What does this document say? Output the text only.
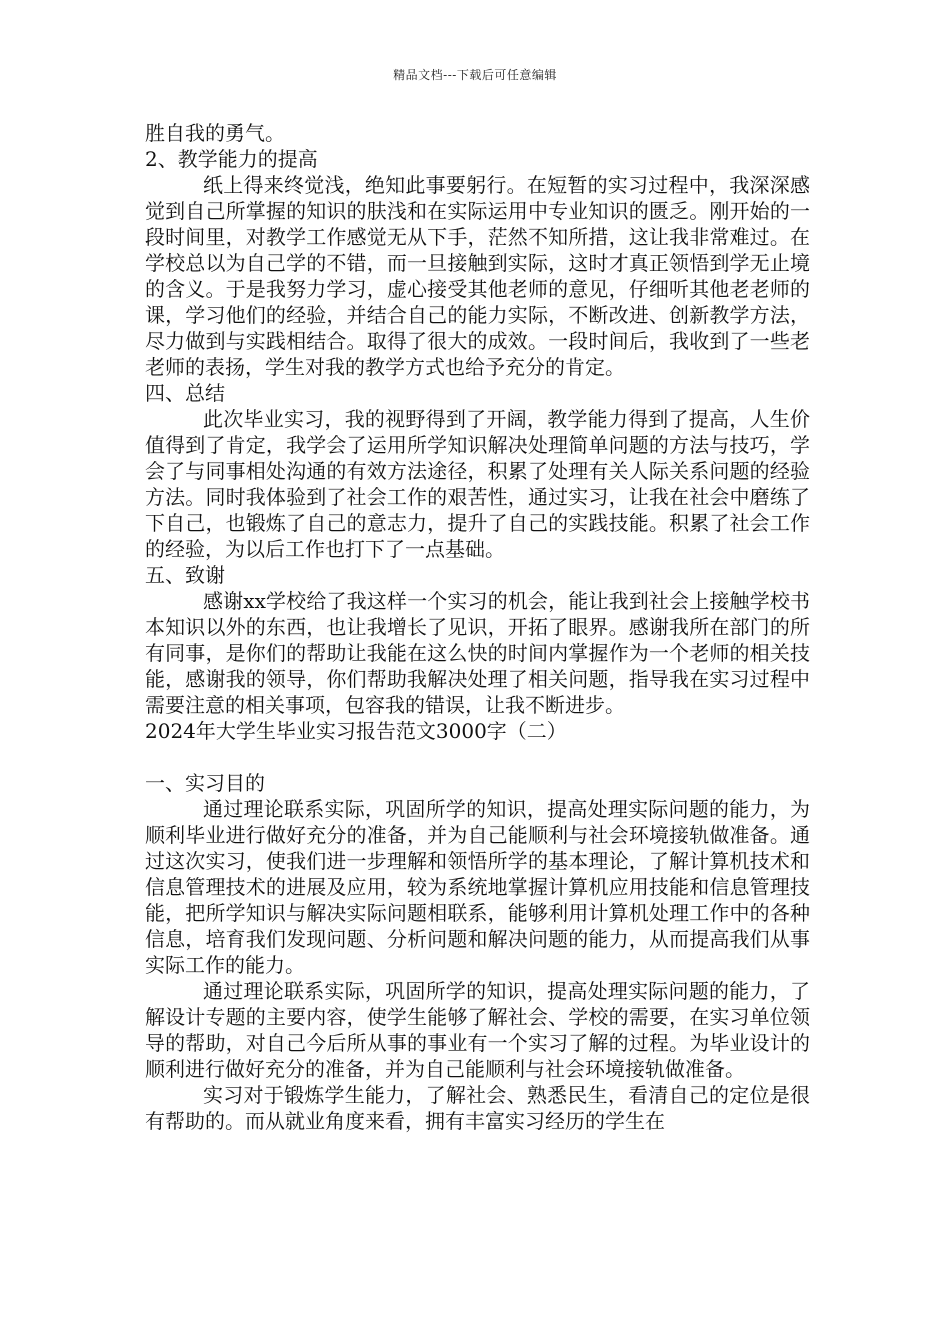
精品文档---下载后可任意编辑

胜自我的勇气。

2、教学能力的提高

纸上得来终觉浅，绝知此事要躬行。在短暂的实习过程中，我深深感觉到自己所掌握的知识的肤浅和在实际运用中专业知识的匮乏。刚开始的一段时间里，对教学工作感觉无从下手，茫然不知所措，这让我非常难过。在学校总以为自己学的不错，而一旦接触到实际，这时才真正领悟到学无止境的含义。于是我努力学习，虚心接受其他老师的意见，仔细听其他老老师的课，学习他们的经验，并结合自己的能力实际，不断改进、创新教学方法，尽力做到与实践相结合。取得了很大的成效。一段时间后，我收到了一些老老师的表扬，学生对我的教学方式也给予充分的肯定。

四、总结

此次毕业实习，我的视野得到了开阔，教学能力得到了提高，人生价值得到了肯定，我学会了运用所学知识解决处理简单问题的方法与技巧，学会了与同事相处沟通的有效方法途径，积累了处理有关人际关系问题的经验方法。同时我体验到了社会工作的艰苦性，通过实习，让我在社会中磨练了下自己，也锻炼了自己的意志力，提升了自己的实践技能。积累了社会工作的经验，为以后工作也打下了一点基础。

五、致谢

感谢xx学校给了我这样一个实习的机会，能让我到社会上接触学校书本知识以外的东西，也让我增长了见识，开拓了眼界。感谢我所在部门的所有同事，是你们的帮助让我能在这么快的时间内掌握作为一个老师的相关技能，感谢我的领导，你们帮助我解决处理了相关问题，指导我在实习过程中需要注意的相关事项，包容我的错误，让我不断进步。

2024年大学生毕业实习报告范文3000字（二）

一、实习目的

通过理论联系实际，巩固所学的知识，提高处理实际问题的能力，为顺利毕业进行做好充分的准备，并为自己能顺利与社会环境接轨做准备。通过这次实习，使我们进一步理解和领悟所学的基本理论，了解计算机技术和信息管理技术的进展及应用，较为系统地掌握计算机应用技能和信息管理技能，把所学知识与解决实际问题相联系，能够利用计算机处理工作中的各种信息，培育我们发现问题、分析问题和解决问题的能力，从而提高我们从事实际工作的能力。

通过理论联系实际，巩固所学的知识，提高处理实际问题的能力，了解设计专题的主要内容，使学生能够了解社会、学校的需要，在实习单位领导的帮助，对自己今后所从事的事业有一个实习了解的过程。为毕业设计的顺利进行做好充分的准备，并为自己能顺利与社会环境接轨做准备。

实习对于锻炼学生能力，了解社会、熟悉民生，看清自己的定位是很有帮助的。而从就业角度来看，拥有丰富实习经历的学生在
